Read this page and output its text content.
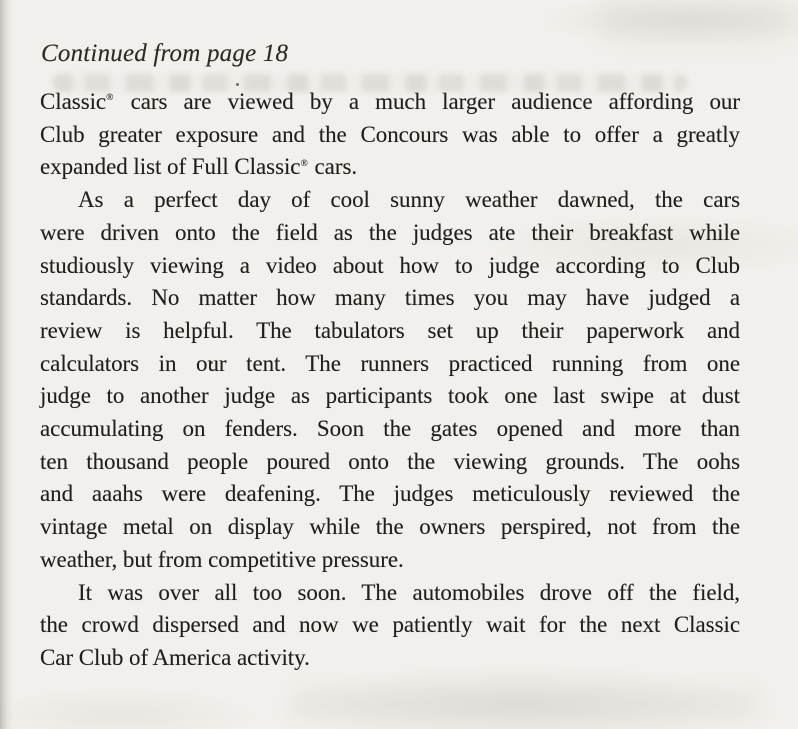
Continued from page 18
Classic® cars are viewed by a much larger audience affording our
Club greater exposure and the Concours was able to offer a greatly
expanded list of Full Classic® cars.
As a perfect day of cool sunny weather dawned, the cars
were driven onto the field as the judges ate their breakfast while
studiously viewing a video about how to judge according to Club
standards. No matter how many times you may have judged a
review is helpful. The tabulators set up their paperwork and
calculators in our tent. The runners practiced running from one
judge to another judge as participants took one last swipe at dust
accumulating on fenders. Soon the gates opened and more than
ten thousand people poured onto the viewing grounds. The oohs
and aaahs were deafening. The judges meticulously reviewed the
vintage metal on display while the owners perspired, not from the
weather, but from competitive pressure.
It was over all too soon. The automobiles drove off the field,
the crowd dispersed and now we patiently wait for the next Classic
Car Club of America activity.
